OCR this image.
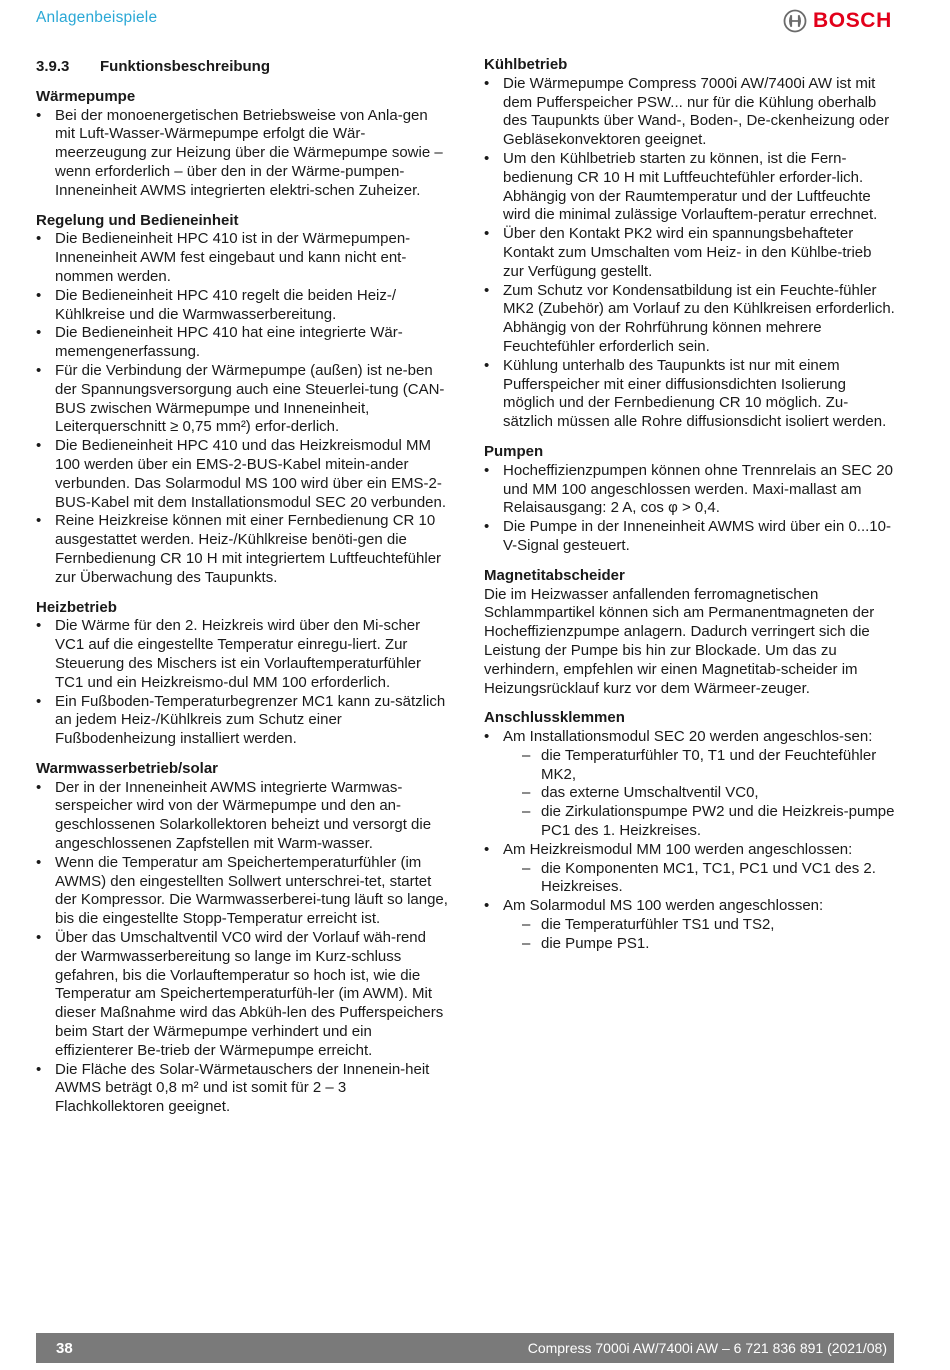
Anlagenbeispiele	BOSCH
3.9.3	Funktionsbeschreibung
Wärmepumpe
• Bei der monoenergetischen Betriebsweise von Anla-gen mit Luft-Wasser-Wärmepumpe erfolgt die Wär-meerzeugung zur Heizung über die Wärmepumpe sowie – wenn erforderlich – über den in der Wärme-pumpen-Inneneinheit AWMS integrierten elektri-schen Zuheizer.
Regelung und Bedieneinheit
• Die Bedieneinheit HPC 410 ist in der Wärmepumpen-Inneneinheit AWM fest eingebaut und kann nicht ent-nommen werden.
• Die Bedieneinheit HPC 410 regelt die beiden Heiz-/ Kühlkreise und die Warmwasserbereitung.
• Die Bedieneinheit HPC 410 hat eine integrierte Wär-memengenerfassung.
• Für die Verbindung der Wärmepumpe (außen) ist ne-ben der Spannungsversorgung auch eine Steuerlei-tung (CAN-BUS zwischen Wärmepumpe und Inneneinheit, Leiterquerschnitt ≥ 0,75 mm²) erfor-derlich.
• Die Bedieneinheit HPC 410 und das Heizkreismodul MM 100 werden über ein EMS-2-BUS-Kabel mitein-ander verbunden. Das Solarmodul MS 100 wird über ein EMS-2- BUS-Kabel mit dem Installationsmodul SEC 20 verbunden.
• Reine Heizkreise können mit einer Fernbedienung CR 10 ausgestattet werden. Heiz-/Kühlkreise benöti-gen die Fernbedienung CR 10 H mit integriertem Luftfeuchtefühler zur Überwachung des Taupunkts.
Heizbetrieb
• Die Wärme für den 2. Heizkreis wird über den Mi-scher VC1 auf die eingestellte Temperatur einregu-liert. Zur Steuerung des Mischers ist ein Vorlauftemperaturfühler TC1 und ein Heizkreismo-dul MM 100 erforderlich.
• Ein Fußboden-Temperaturbegrenzer MC1 kann zu-sätzlich an jedem Heiz-/Kühlkreis zum Schutz einer Fußbodenheizung installiert werden.
Warmwasserbetrieb/solar
• Der in der Inneneinheit AWMS integrierte Warmwas-serspeicher wird von der Wärmepumpe und den an-geschlossenen Solarkollektoren beheizt und versorgt die angeschlossenen Zapfstellen mit Warm-wasser.
• Wenn die Temperatur am Speichertemperaturfühler (im AWMS) den eingestellten Sollwert unterschrei-tet, startet der Kompressor. Die Warmwasserberei-tung läuft so lange, bis die eingestellte Stopp-Temperatur erreicht ist.
• Über das Umschaltventil VC0 wird der Vorlauf wäh-rend der Warmwasserbereitung so lange im Kurz-schluss gefahren, bis die Vorlauftemperatur so hoch ist, wie die Temperatur am Speichertemperaturfüh-ler (im AWM). Mit dieser Maßnahme wird das Abküh-len des Pufferspeichers beim Start der Wärmepumpe verhindert und ein effizienterer Be-trieb der Wärmepumpe erreicht.
• Die Fläche des Solar-Wärmetauschers der Innenein-heit AWMS beträgt 0,8 m² und ist somit für 2 – 3 Flachkollektoren geeignet.
Kühlbetrieb
• Die Wärmepumpe Compress 7000i AW/7400i AW ist mit dem Pufferspeicher PSW... nur für die Kühlung oberhalb des Taupunkts über Wand-, Boden-, De-ckenheizung oder Gebläsekonvektoren geeignet.
• Um den Kühlbetrieb starten zu können, ist die Fern-bedienung CR 10 H mit Luftfeuchtefühler erforder-lich. Abhängig von der Raumtemperatur und der Luftfeuchte wird die minimal zulässige Vorlauftem-peratur errechnet.
• Über den Kontakt PK2 wird ein spannungsbehafteter Kontakt zum Umschalten vom Heiz- in den Kühlbe-trieb zur Verfügung gestellt.
• Zum Schutz vor Kondensatbildung ist ein Feuchte-fühler MK2 (Zubehör) am Vorlauf zu den Kühlkreisen erforderlich. Abhängig von der Rohrführung können mehrere Feuchtefühler erforderlich sein.
• Kühlung unterhalb des Taupunkts ist nur mit einem Pufferspeicher mit einer diffusionsdichten Isolierung möglich und der Fernbedienung CR 10 möglich. Zu-sätzlich müssen alle Rohre diffusionsdicht isoliert werden.
Pumpen
• Hocheffizienzpumpen können ohne Trennrelais an SEC 20 und MM 100 angeschlossen werden. Maxi-mallast am Relaisausgang: 2 A, cos φ > 0,4.
• Die Pumpe in der Inneneinheit AWMS wird über ein 0...10-V-Signal gesteuert.
Magnetitabscheider

Die im Heizwasser anfallenden ferromagnetischen Schlammpartikel können sich am Permanentmagneten der Hocheffizienzpumpe anlagern. Dadurch verringert sich die Leistung der Pumpe bis hin zur Blockade. Um das zu verhindern, empfehlen wir einen Magnetitab-scheider im Heizungsrücklauf kurz vor dem Wärmeer-zeuger.

Anschlussklemmen
• Am Installationsmodul SEC 20 werden angeschlos-sen:
– die Temperaturfühler T0, T1 und der Feuchtefühler MK2,
– das externe Umschaltventil VC0,
– die Zirkulationspumpe PW2 und die Heizkreis-pumpe PC1 des 1. Heizkreises.
• Am Heizkreismodul MM 100 werden angeschlossen:
– die Komponenten MC1, TC1, PC1 und VC1 des 2. Heizkreises.
• Am Solarmodul MS 100 werden angeschlossen:
– die Temperaturfühler TS1 und TS2,
– die Pumpe PS1.
38	Compress 7000i AW/7400i AW – 6 721 836 891 (2021/08)
